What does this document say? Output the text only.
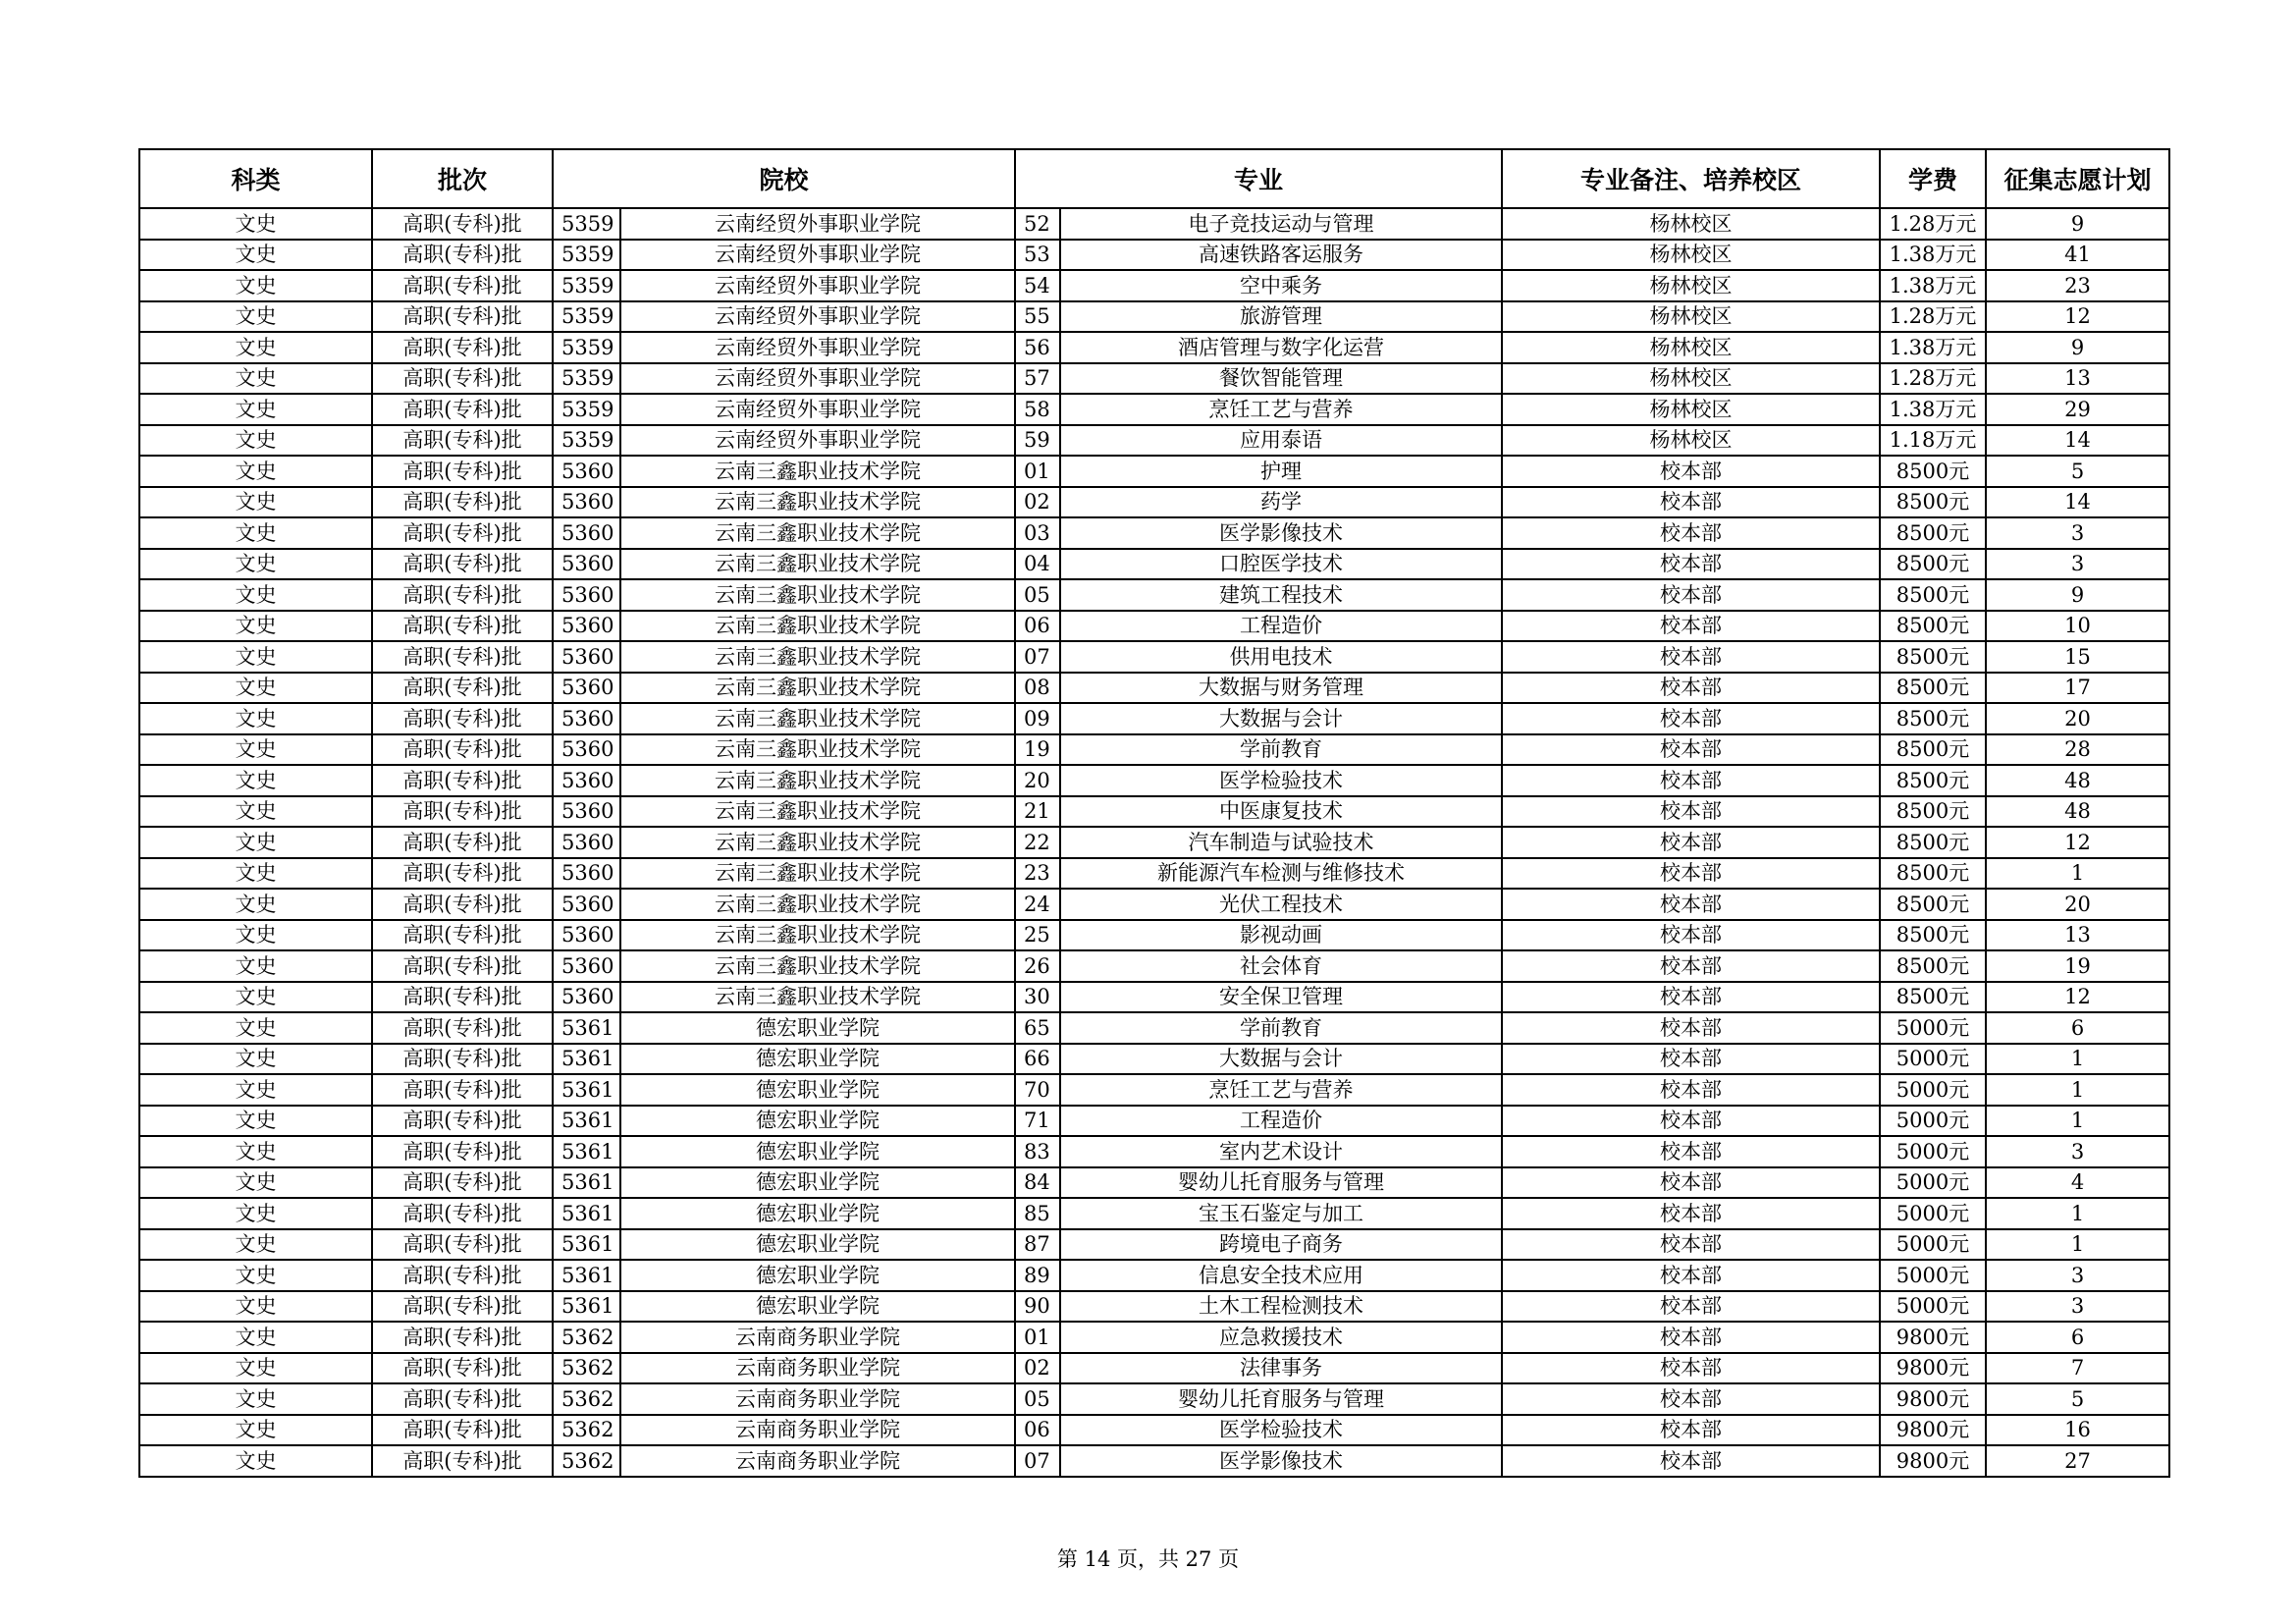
科类	批次	院校		专业		专业备注、培养校区	学费	征集志愿计划
文史	高职(专科)批	5359	云南经贸外事职业学院	52	电子竞技运动与管理	杨林校区	1.28万元	9
文史	高职(专科)批	5359	云南经贸外事职业学院	53	高速铁路客运服务	杨林校区	1.38万元	41
文史	高职(专科)批	5359	云南经贸外事职业学院	54	空中乘务	杨林校区	1.38万元	23
文史	高职(专科)批	5359	云南经贸外事职业学院	55	旅游管理	杨林校区	1.28万元	12
文史	高职(专科)批	5359	云南经贸外事职业学院	56	酒店管理与数字化运营	杨林校区	1.38万元	9
文史	高职(专科)批	5359	云南经贸外事职业学院	57	餐饮智能管理	杨林校区	1.28万元	13
文史	高职(专科)批	5359	云南经贸外事职业学院	58	烹饪工艺与营养	杨林校区	1.38万元	29
文史	高职(专科)批	5359	云南经贸外事职业学院	59	应用泰语	杨林校区	1.18万元	14
文史	高职(专科)批	5360	云南三鑫职业技术学院	01	护理	校本部	8500元	5
文史	高职(专科)批	5360	云南三鑫职业技术学院	02	药学	校本部	8500元	14
文史	高职(专科)批	5360	云南三鑫职业技术学院	03	医学影像技术	校本部	8500元	3
文史	高职(专科)批	5360	云南三鑫职业技术学院	04	口腔医学技术	校本部	8500元	3
文史	高职(专科)批	5360	云南三鑫职业技术学院	05	建筑工程技术	校本部	8500元	9
文史	高职(专科)批	5360	云南三鑫职业技术学院	06	工程造价	校本部	8500元	10
文史	高职(专科)批	5360	云南三鑫职业技术学院	07	供用电技术	校本部	8500元	15
文史	高职(专科)批	5360	云南三鑫职业技术学院	08	大数据与财务管理	校本部	8500元	17
文史	高职(专科)批	5360	云南三鑫职业技术学院	09	大数据与会计	校本部	8500元	20
文史	高职(专科)批	5360	云南三鑫职业技术学院	19	学前教育	校本部	8500元	28
文史	高职(专科)批	5360	云南三鑫职业技术学院	20	医学检验技术	校本部	8500元	48
文史	高职(专科)批	5360	云南三鑫职业技术学院	21	中医康复技术	校本部	8500元	48
文史	高职(专科)批	5360	云南三鑫职业技术学院	22	汽车制造与试验技术	校本部	8500元	12
文史	高职(专科)批	5360	云南三鑫职业技术学院	23	新能源汽车检测与维修技术	校本部	8500元	1
文史	高职(专科)批	5360	云南三鑫职业技术学院	24	光伏工程技术	校本部	8500元	20
文史	高职(专科)批	5360	云南三鑫职业技术学院	25	影视动画	校本部	8500元	13
文史	高职(专科)批	5360	云南三鑫职业技术学院	26	社会体育	校本部	8500元	19
文史	高职(专科)批	5360	云南三鑫职业技术学院	30	安全保卫管理	校本部	8500元	12
文史	高职(专科)批	5361	德宏职业学院	65	学前教育	校本部	5000元	6
文史	高职(专科)批	5361	德宏职业学院	66	大数据与会计	校本部	5000元	1
文史	高职(专科)批	5361	德宏职业学院	70	烹饪工艺与营养	校本部	5000元	1
文史	高职(专科)批	5361	德宏职业学院	71	工程造价	校本部	5000元	1
文史	高职(专科)批	5361	德宏职业学院	83	室内艺术设计	校本部	5000元	3
文史	高职(专科)批	5361	德宏职业学院	84	婴幼儿托育服务与管理	校本部	5000元	4
文史	高职(专科)批	5361	德宏职业学院	85	宝玉石鉴定与加工	校本部	5000元	1
文史	高职(专科)批	5361	德宏职业学院	87	跨境电子商务	校本部	5000元	1
文史	高职(专科)批	5361	德宏职业学院	89	信息安全技术应用	校本部	5000元	3
文史	高职(专科)批	5361	德宏职业学院	90	土木工程检测技术	校本部	5000元	3
文史	高职(专科)批	5362	云南商务职业学院	01	应急救援技术	校本部	9800元	6
文史	高职(专科)批	5362	云南商务职业学院	02	法律事务	校本部	9800元	7
文史	高职(专科)批	5362	云南商务职业学院	05	婴幼儿托育服务与管理	校本部	9800元	5
文史	高职(专科)批	5362	云南商务职业学院	06	医学检验技术	校本部	9800元	16
文史	高职(专科)批	5362	云南商务职业学院	07	医学影像技术	校本部	9800元	27
第 14 页，共 27 页
